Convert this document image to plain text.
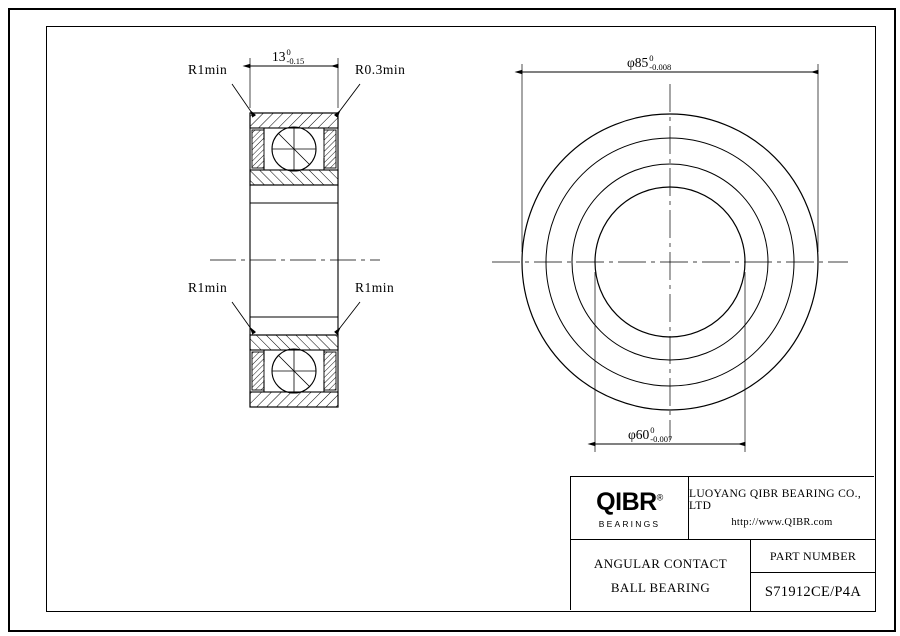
R1min	R0.3min
R1min	R1min
13 0
-0.15	φ85 0
-0.008
φ60 0
-0.007
QIBR®
BEARINGS
LUOYANG QIBR BEARING CO., LTD
http://www.QIBR.com
ANGULAR CONTACT
BALL BEARING
PART NUMBER
S71912CE/P4A
